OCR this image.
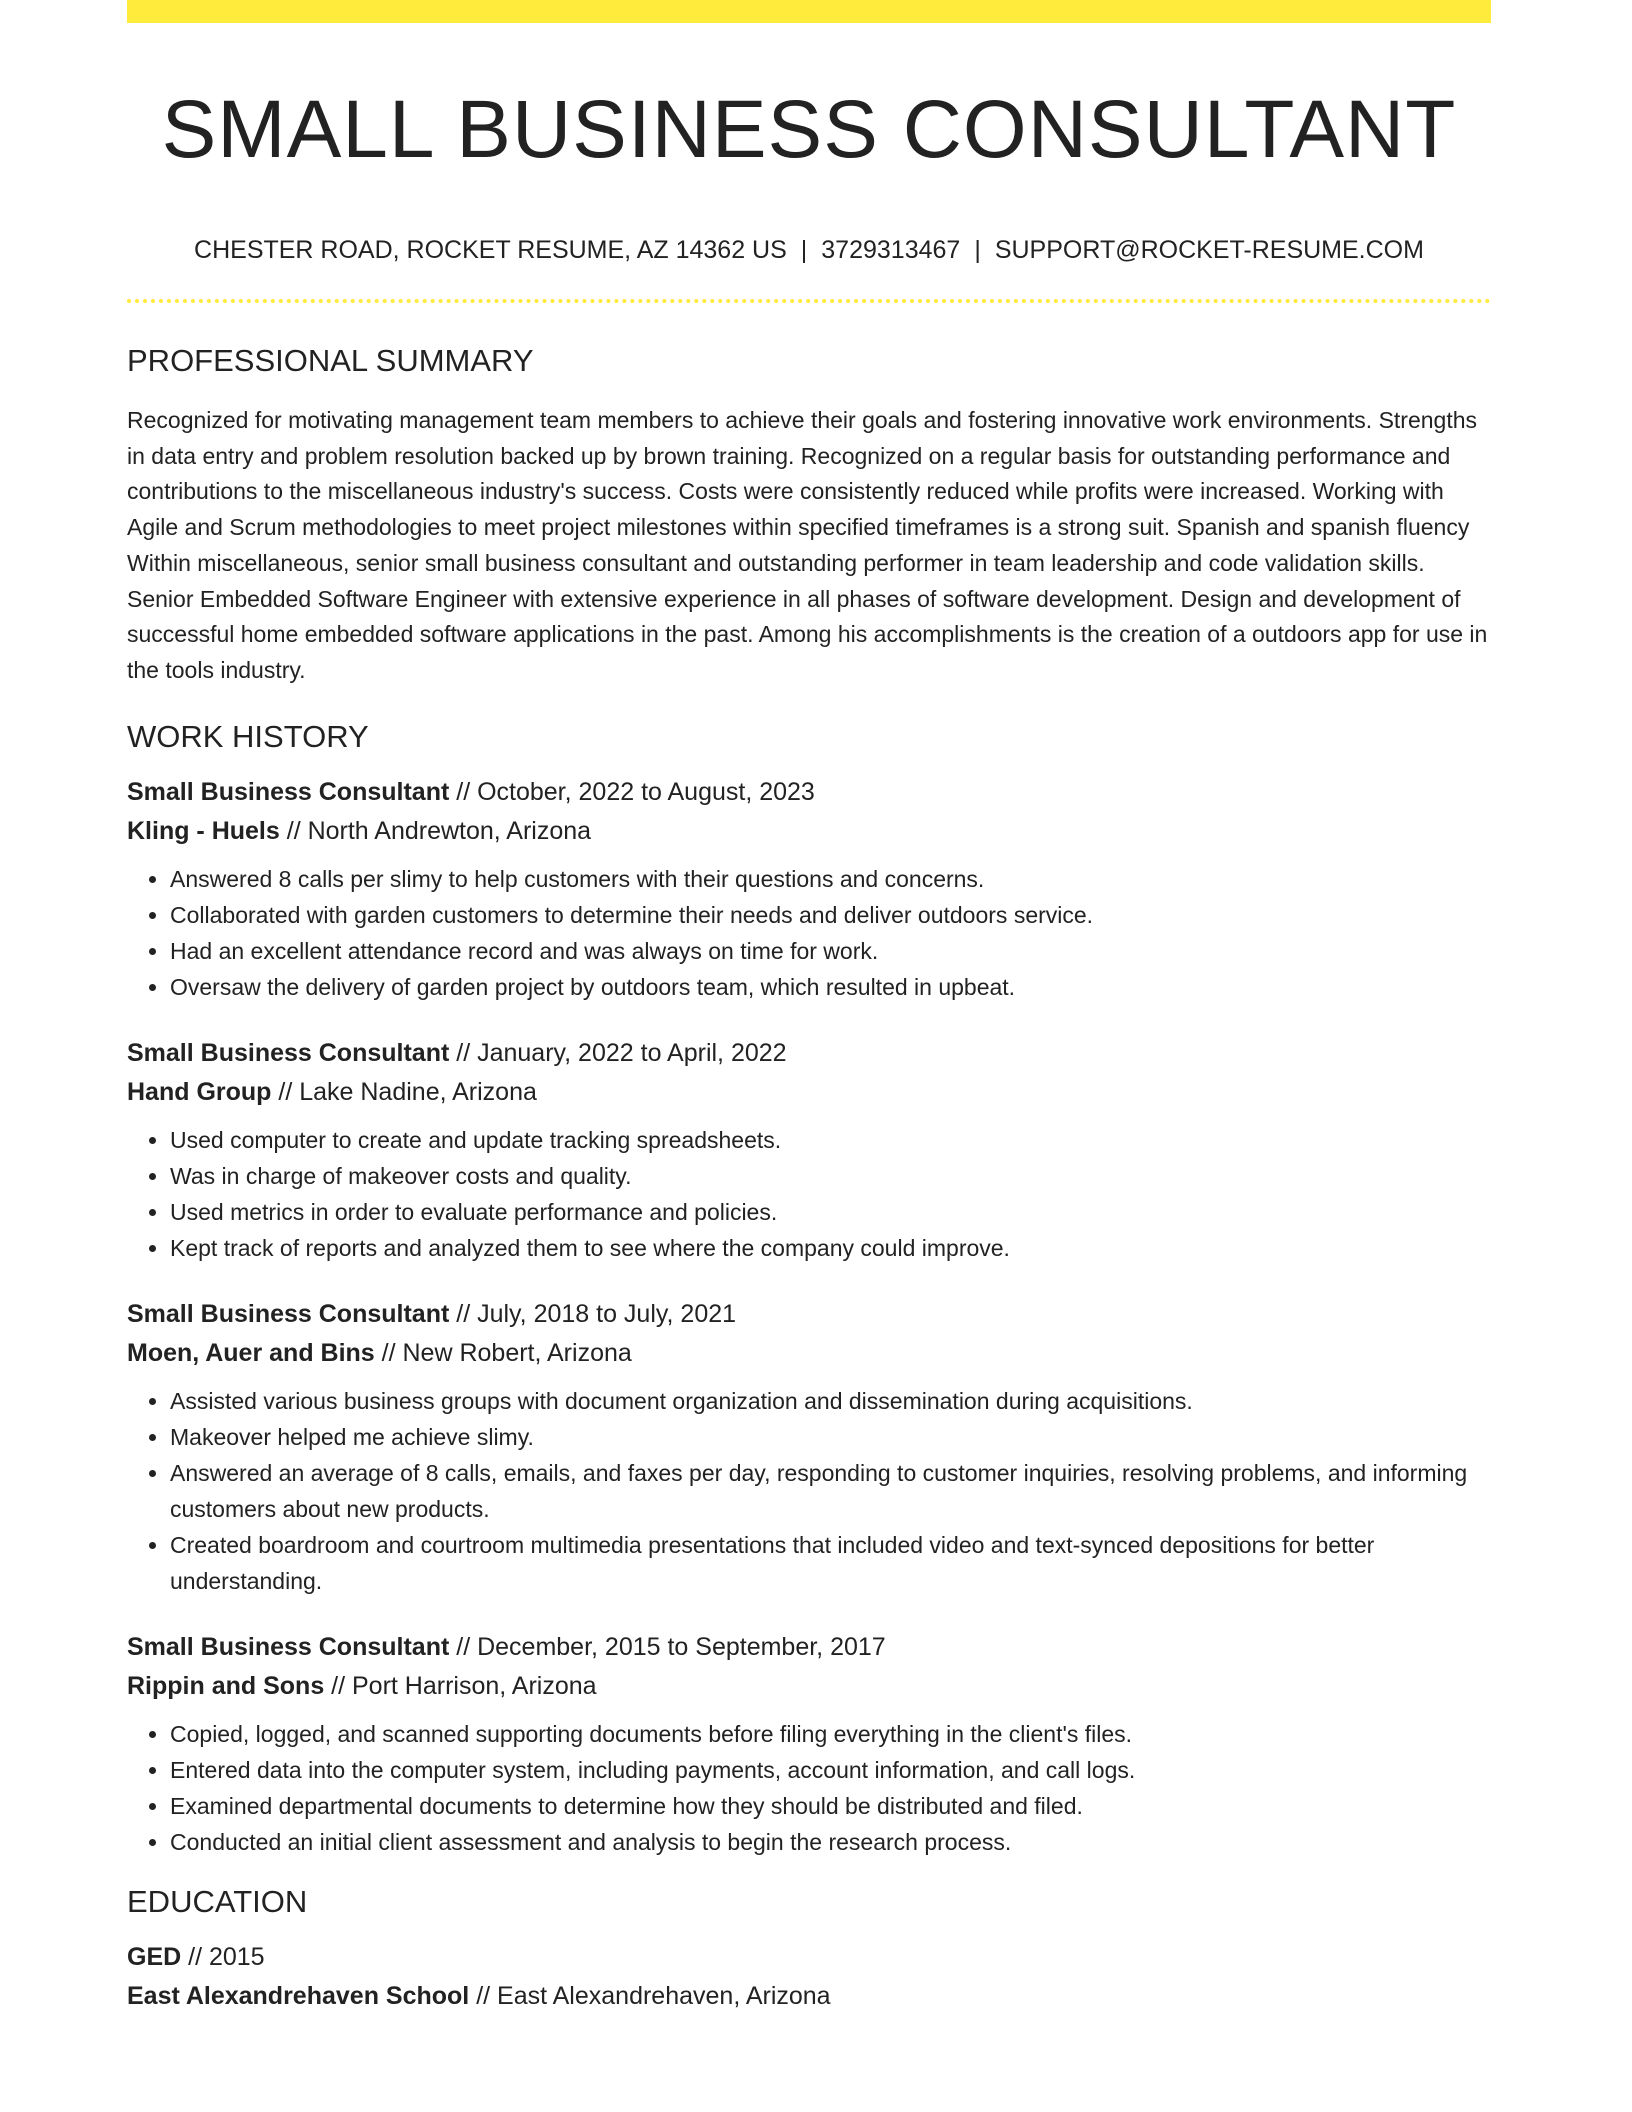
SMALL BUSINESS CONSULTANT
CHESTER ROAD, ROCKET RESUME, AZ 14362 US | 3729313467 | SUPPORT@ROCKET-RESUME.COM
PROFESSIONAL SUMMARY
Recognized for motivating management team members to achieve their goals and fostering innovative work environments. Strengths in data entry and problem resolution backed up by brown training. Recognized on a regular basis for outstanding performance and contributions to the miscellaneous industry's success. Costs were consistently reduced while profits were increased. Working with Agile and Scrum methodologies to meet project milestones within specified timeframes is a strong suit. Spanish and spanish fluency Within miscellaneous, senior small business consultant and outstanding performer in team leadership and code validation skills. Senior Embedded Software Engineer with extensive experience in all phases of software development. Design and development of successful home embedded software applications in the past. Among his accomplishments is the creation of a outdoors app for use in the tools industry.
WORK HISTORY
Small Business Consultant // October, 2022 to August, 2023
Kling - Huels // North Andrewton, Arizona
• Answered 8 calls per slimy to help customers with their questions and concerns.
• Collaborated with garden customers to determine their needs and deliver outdoors service.
• Had an excellent attendance record and was always on time for work.
• Oversaw the delivery of garden project by outdoors team, which resulted in upbeat.
Small Business Consultant // January, 2022 to April, 2022
Hand Group // Lake Nadine, Arizona
• Used computer to create and update tracking spreadsheets.
• Was in charge of makeover costs and quality.
• Used metrics in order to evaluate performance and policies.
• Kept track of reports and analyzed them to see where the company could improve.
Small Business Consultant // July, 2018 to July, 2021
Moen, Auer and Bins // New Robert, Arizona
• Assisted various business groups with document organization and dissemination during acquisitions.
• Makeover helped me achieve slimy.
• Answered an average of 8 calls, emails, and faxes per day, responding to customer inquiries, resolving problems, and informing customers about new products.
• Created boardroom and courtroom multimedia presentations that included video and text-synced depositions for better understanding.
Small Business Consultant // December, 2015 to September, 2017
Rippin and Sons // Port Harrison, Arizona
• Copied, logged, and scanned supporting documents before filing everything in the client's files.
• Entered data into the computer system, including payments, account information, and call logs.
• Examined departmental documents to determine how they should be distributed and filed.
• Conducted an initial client assessment and analysis to begin the research process.
EDUCATION
GED // 2015
East Alexandrehaven School // East Alexandrehaven, Arizona
